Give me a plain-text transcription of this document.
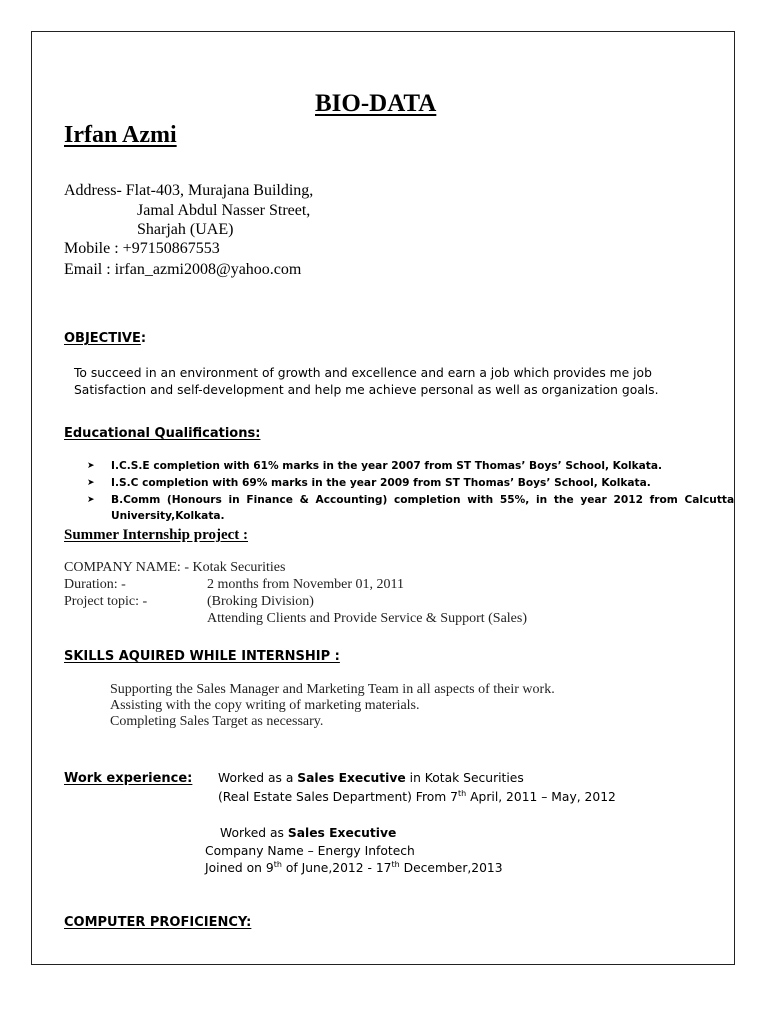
BIO-DATA
Irfan Azmi
Address- Flat-403, Murajana Building,
Jamal Abdul Nasser Street,
Sharjah (UAE)
Mobile : +97150867553
Email : irfan_azmi2008@yahoo.com
OBJECTIVE:
To succeed in an environment of growth and excellence and earn a job which provides me job
Satisfaction and self-development and help me achieve personal as well as organization goals.
Educational Qualifications:
➤ I.C.S.E completion with 61% marks in the year 2007 from ST Thomas’ Boys’ School, Kolkata.
➤ I.S.C completion with 69% marks in the year 2009 from ST Thomas’ Boys’ School, Kolkata.
➤ B.Comm (Honours in Finance & Accounting) completion with 55%, in the year 2012 from Calcutta
University,Kolkata.
Summer Internship project :
COMPANY NAME: - Kotak Securities
Duration: -	2 months from November 01, 2011
Project topic: -	(Broking Division)
Attending Clients and Provide Service & Support (Sales)
SKILLS AQUIRED WHILE INTERNSHIP :
Supporting the Sales Manager and Marketing Team in all aspects of their work.
Assisting with the copy writing of marketing materials.
Completing Sales Target as necessary.
Work experience: Worked as a Sales Executive in Kotak Securities
(Real Estate Sales Department) From 7th April, 2011 – May, 2012
Worked as Sales Executive
Company Name – Energy Infotech
Joined on 9th of June,2012 - 17th December,2013
COMPUTER PROFICIENCY:
